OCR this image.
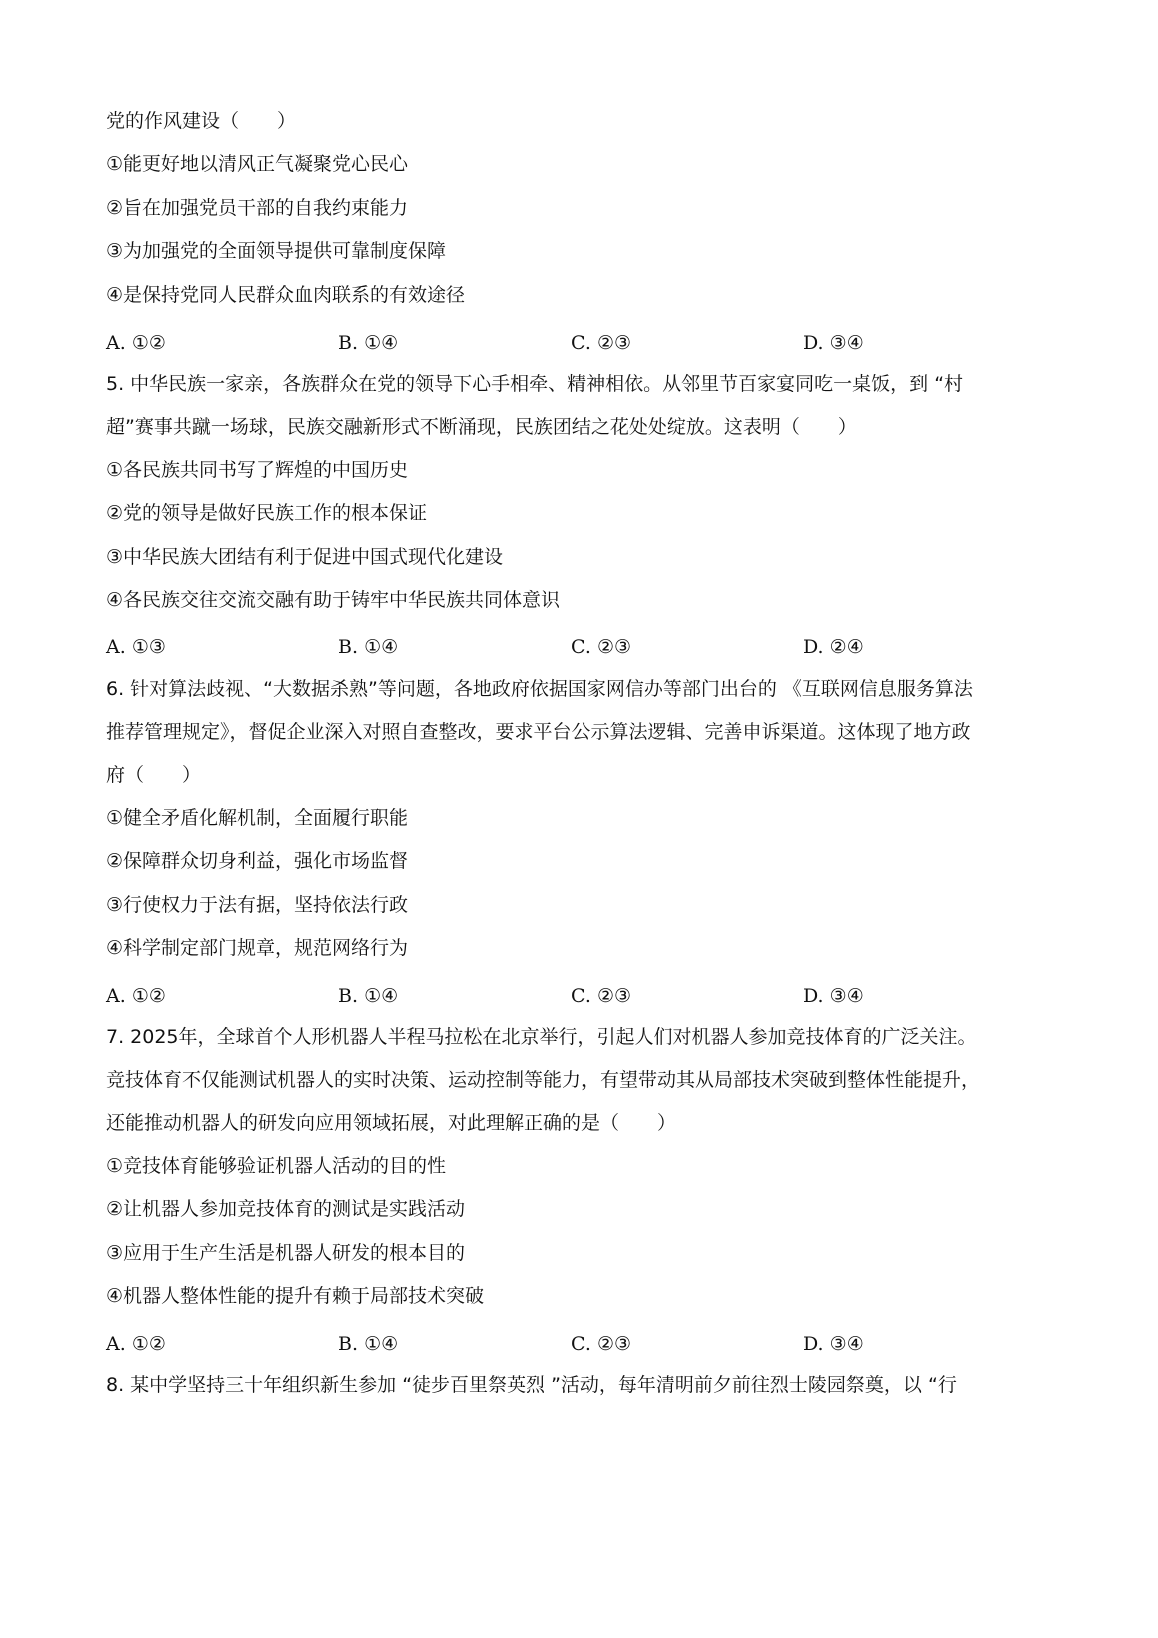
党的作风建设（　　）
①能更好地以清风正气凝聚党心民心
②旨在加强党员干部的自我约束能力
③为加强党的全面领导提供可靠制度保障
④是保持党同人民群众血肉联系的有效途径
A. ①②	B. ①④	C. ②③	D. ③④
5. 中华民族一家亲，各族群众在党的领导下心手相牵、精神相依。从邻里节百家宴同吃一桌饭，到 “村
超”赛事共蹴一场球，民族交融新形式不断涌现，民族团结之花处处绽放。这表明（　　）
①各民族共同书写了辉煌的中国历史
②党的领导是做好民族工作的根本保证
③中华民族大团结有利于促进中国式现代化建设
④各民族交往交流交融有助于铸牢中华民族共同体意识
A. ①③	B. ①④	C. ②③	D. ②④
6. 针对算法歧视、“大数据杀熟”等问题，各地政府依据国家网信办等部门出台的 《互联网信息服务算法
推荐管理规定》，督促企业深入对照自查整改，要求平台公示算法逻辑、完善申诉渠道。这体现了地方政
府（　　）
①健全矛盾化解机制，全面履行职能
②保障群众切身利益，强化市场监督
③行使权力于法有据，坚持依法行政
④科学制定部门规章，规范网络行为
A. ①②	B. ①④	C. ②③	D. ③④
7. 2025年，全球首个人形机器人半程马拉松在北京举行，引起人们对机器人参加竞技体育的广泛关注。
竞技体育不仅能测试机器人的实时决策、运动控制等能力，有望带动其从局部技术突破到整体性能提升，
还能推动机器人的研发向应用领域拓展，对此理解正确的是（　　）
①竞技体育能够验证机器人活动的目的性
②让机器人参加竞技体育的测试是实践活动
③应用于生产生活是机器人研发的根本目的
④机器人整体性能的提升有赖于局部技术突破
A. ①②	B. ①④	C. ②③	D. ③④
8. 某中学坚持三十年组织新生参加 “徒步百里祭英烈 ”活动，每年清明前夕前往烈士陵园祭奠，以 “行
